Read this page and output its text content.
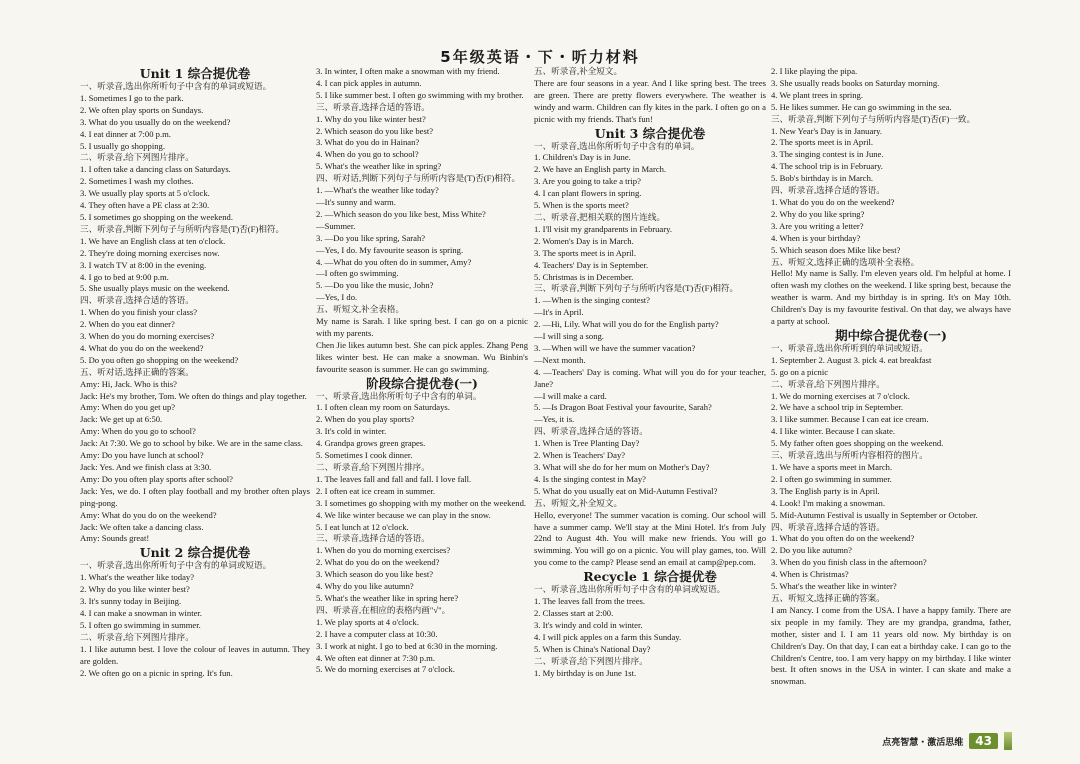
5年级英语・下・听力材料
Unit 1 综合提优卷
一、听录音,选出你所听句子中含有的单词或短语。
1. Sometimes I go to the park.
2. We often play sports on Sundays.
3. What do you usually do on the weekend?
4. I eat dinner at 7:00 p.m.
5. I usually go shopping.
二、听录音,给下列图片排序。
1. I often take a dancing class on Saturdays.
2. Sometimes I wash my clothes.
3. We usually play sports at 5 o'clock.
4. They often have a PE class at 2:30.
5. I sometimes go shopping on the weekend.
三、听录音,判断下列句子与所听内容是(T)否(F)相符。
1. We have an English class at ten o'clock.
2. They're doing morning exercises now.
3. I watch TV at 8:00 in the evening.
4. I go to bed at 9:00 p.m.
5. She usually plays music on the weekend.
四、听录音,选择合适的答语。
1. When do you finish your class?
2. When do you eat dinner?
3. When do you do morning exercises?
4. What do you do on the weekend?
5. Do you often go shopping on the weekend?
五、听对话,选择正确的答案。
Amy: Hi, Jack. Who is this?
Jack: He's my brother, Tom. We often do things and play together.
Amy: When do you get up?
Jack: We get up at 6:50.
Amy: When do you go to school?
Jack: At 7:30. We go to school by bike. We are in the same class.
Amy: Do you have lunch at school?
Jack: Yes. And we finish class at 3:30.
Amy: Do you often play sports after school?
Jack: Yes, we do. I often play football and my brother often plays ping-pong.
Amy: What do you do on the weekend?
Jack: We often take a dancing class.
Amy: Sounds great!
Unit 2 综合提优卷
一、听录音,选出你所听句子中含有的单词或短语。
1. What's the weather like today?
2. Why do you like winter best?
3. It's sunny today in Beijing.
4. I can make a snowman in winter.
5. I often go swimming in summer.
二、听录音,给下列图片排序。
1. I like autumn best. I love the colour of leaves in autumn. They are golden.
2. We often go on a picnic in spring. It's fun.
3. In winter, I often make a snowman with my friend.
4. I can pick apples in autumn.
5. I like summer best. I often go swimming with my brother.
三、听录音,选择合适的答语。
1. Why do you like winter best?
2. Which season do you like best?
3. What do you do in Hainan?
4. When do you go to school?
5. What's the weather like in spring?
四、听对话,判断下列句子与所听内容是(T)否(F)相符。
1. —What's the weather like today?
—It's sunny and warm.
2. —Which season do you like best, Miss White?
—Summer.
3. —Do you like spring, Sarah?
—Yes, I do. My favourite season is spring.
4. —What do you often do in summer, Amy?
—I often go swimming.
5. —Do you like the music, John?
—Yes, I do.
五、听短文,补全表格。
My name is Sarah. I like spring best. I can go on a picnic with my parents.
Chen Jie likes autumn best. She can pick apples. Zhang Peng likes winter best. He can make a snowman. Wu Binbin's favourite season is summer. He can go swimming.
阶段综合提优卷(一)
一、听录音,选出你所听句子中含有的单词。
1. I often clean my room on Saturdays.
2. When do you play sports?
3. It's cold in winter.
4. Grandpa grows green grapes.
5. Sometimes I cook dinner.
二、听录音,给下列图片排序。
1. The leaves fall and fall and fall. I love fall.
2. I often eat ice cream in summer.
3. I sometimes go shopping with my mother on the weekend.
4. We like winter because we can play in the snow.
5. I eat lunch at 12 o'clock.
三、听录音,选择合适的答语。
1. When do you do morning exercises?
2. What do you do on the weekend?
3. Which season do you like best?
4. Why do you like autumn?
5. What's the weather like in spring here?
四、听录音,在相应的表格内画"√"。
1. We play sports at 4 o'clock.
2. I have a computer class at 10:30.
3. I work at night. I go to bed at 6:30 in the morning.
4. We often eat dinner at 7:30 p.m.
5. We do morning exercises at 7 o'clock.
五、听录音,补全短文。
There are four seasons in a year. And I like spring best. The trees are green. There are pretty flowers everywhere. The weather is windy and warm. Children can fly kites in the park. I often go on a picnic with my friends. That's fun!
Unit 3 综合提优卷
一、听录音,选出你所听句子中含有的单词。
1. Children's Day is in June.
2. We have an English party in March.
3. Are you going to take a trip?
4. I can plant flowers in spring.
5. When is the sports meet?
二、听录音,把相关联的图片连线。
1. I'll visit my grandparents in February.
2. Women's Day is in March.
3. The sports meet is in April.
4. Teachers' Day is in September.
5. Christmas is in December.
三、听录音,判断下列句子与所听内容是(T)否(F)相符。
1. —When is the singing contest?
—It's in April.
2. —Hi, Lily. What will you do for the English party?
—I will sing a song.
3. —When will we have the summer vacation?
—Next month.
4. —Teachers' Day is coming. What will you do for your teacher, Jane?
—I will make a card.
5. —Is Dragon Boat Festival your favourite, Sarah?
—Yes, it is.
四、听录音,选择合适的答语。
1. When is Tree Planting Day?
2. When is Teachers' Day?
3. What will she do for her mum on Mother's Day?
4. Is the singing contest in May?
5. What do you usually eat on Mid-Autumn Festival?
五、听短文,补全短文。
Hello, everyone! The summer vacation is coming. Our school will have a summer camp. We'll stay at the Mini Hotel. It's from July 22nd to August 4th. You will make new friends. You will go swimming. You will go on a picnic. You will play games, too. Will you come to the camp? Please send an email at camp@pep.com.
Recycle 1 综合提优卷
一、听录音,选出你所听句子中含有的单词或短语。
1. The leaves fall from the trees.
2. Classes start at 2:00.
3. It's windy and cold in winter.
4. I will pick apples on a farm this Sunday.
5. When is China's National Day?
二、听录音,给下列图片排序。
1. My birthday is on June 1st.
2. I like playing the pipa.
3. She usually reads books on Saturday morning.
4. We plant trees in spring.
5. He likes summer. He can go swimming in the sea.
三、听录音,判断下列句子与所听内容是(T)否(F)一致。
1. New Year's Day is in January.
2. The sports meet is in April.
3. The singing contest is in June.
4. The school trip is in February.
5. Bob's birthday is in March.
四、听录音,选择合适的答语。
1. What do you do on the weekend?
2. Why do you like spring?
3. Are you writing a letter?
4. When is your birthday?
5. Which season does Mike like best?
五、听短文,选择正确的选项补全表格。
Hello! My name is Sally. I'm eleven years old. I'm helpful at home. I often wash my clothes on the weekend. I like spring best, because the weather is warm. And my birthday is in spring. It's on May 10th. Children's Day is my favourite festival. On that day, we always have a party at school.
期中综合提优卷(一)
一、听录音,选出你所听到的单词或短语。
1. September 2. August 3. pick 4. eat breakfast
5. go on a picnic
二、听录音,给下列图片排序。
1. We do morning exercises at 7 o'clock.
2. We have a school trip in September.
3. I like summer. Because I can eat ice cream.
4. I like winter. Because I can skate.
5. My father often goes shopping on the weekend.
三、听录音,选出与所听内容相符的图片。
1. We have a sports meet in March.
2. I often go swimming in summer.
3. The English party is in April.
4. Look! I'm making a snowman.
5. Mid-Autumn Festival is usually in September or October.
四、听录音,选择合适的答语。
1. What do you often do on the weekend?
2. Do you like autumn?
3. When do you finish class in the afternoon?
4. When is Christmas?
5. What's the weather like in winter?
五、听短文,选择正确的答案。
I am Nancy. I come from the USA. I have a happy family. There are six people in my family. They are my grandpa, grandma, father, mother, sister and I. I am 11 years old now. My birthday is on Children's Day. On that day, I can eat a birthday cake. I can go to the Children's Centre, too. I am very happy on my birthday. I like winter best. It often snows in the USA in winter. I can skate and make a snowman.
点亮智慧・激活思维	43
